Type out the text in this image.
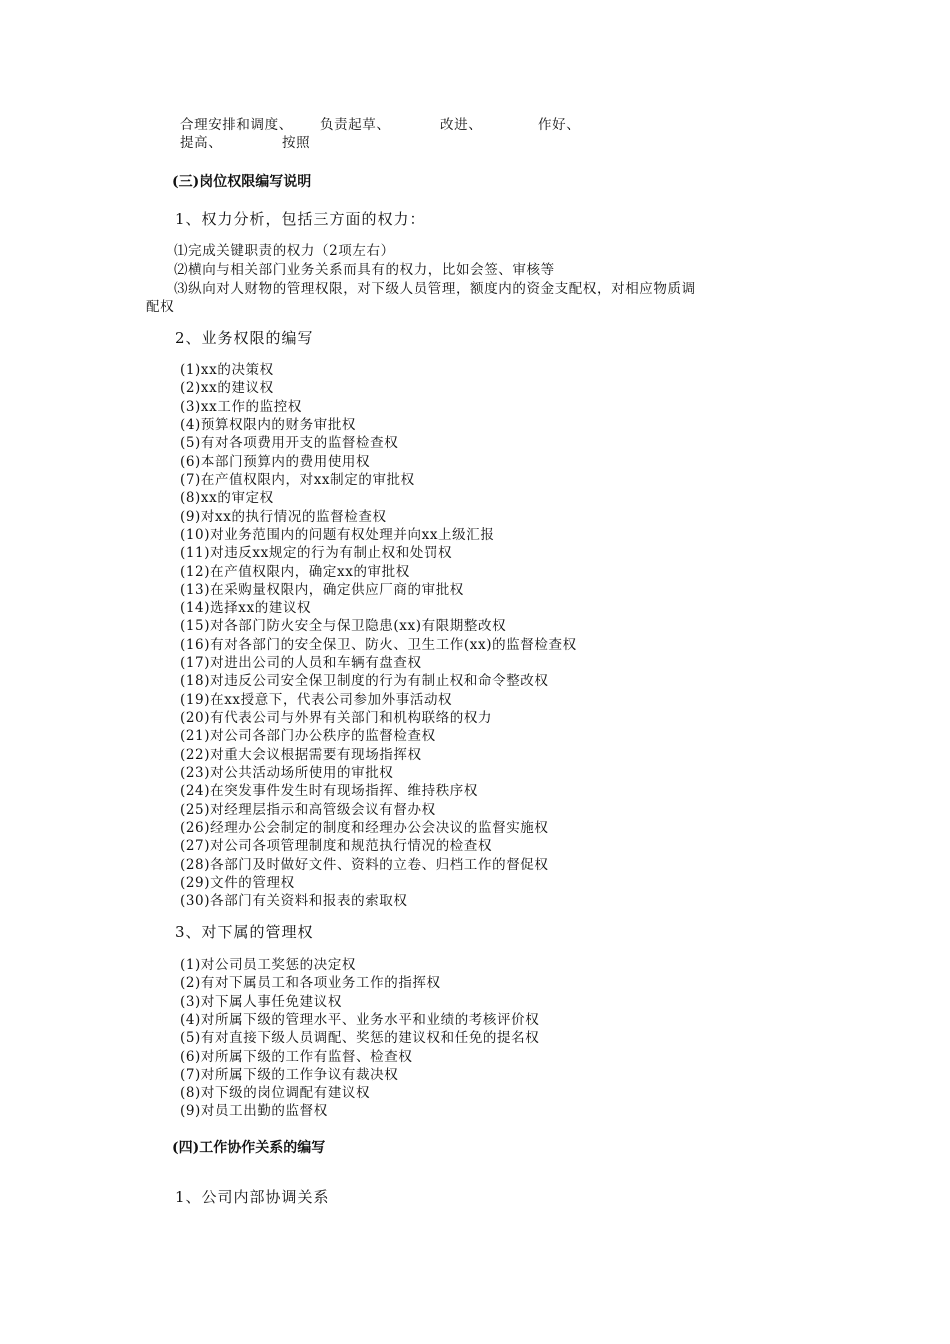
合理安排和调度、 负责起草、	改进、	作好、
提高、	按照
(三)岗位权限编写说明
1、权力分析，包括三方面的权力：
⑴完成关键职责的权力（2项左右）
⑵横向与相关部门业务关系而具有的权力，比如会签、审核等
⑶纵向对人财物的管理权限，对下级人员管理，额度内的资金支配权，对相应物质调
配权
2、业务权限的编写
(1)xx的决策权
(2)xx的建议权
(3)xx工作的监控权
(4)预算权限内的财务审批权
(5)有对各项费用开支的监督检查权
(6)本部门预算内的费用使用权
(7)在产值权限内，对xx制定的审批权
(8)xx的审定权
(9)对xx的执行情况的监督检查权
(10)对业务范围内的问题有权处理并向xx上级汇报
(11)对违反xx规定的行为有制止权和处罚权
(12)在产值权限内，确定xx的审批权
(13)在采购量权限内，确定供应厂商的审批权
(14)选择xx的建议权
(15)对各部门防火安全与保卫隐患(xx)有限期整改权
(16)有对各部门的安全保卫、防火、卫生工作(xx)的监督检查权
(17)对进出公司的人员和车辆有盘查权
(18)对违反公司安全保卫制度的行为有制止权和命令整改权
(19)在xx授意下，代表公司参加外事活动权
(20)有代表公司与外界有关部门和机构联络的权力
(21)对公司各部门办公秩序的监督检查权
(22)对重大会议根据需要有现场指挥权
(23)对公共活动场所使用的审批权
(24)在突发事件发生时有现场指挥、维持秩序权
(25)对经理层指示和高管级会议有督办权
(26)经理办公会制定的制度和经理办公会决议的监督实施权
(27)对公司各项管理制度和规范执行情况的检查权
(28)各部门及时做好文件、资料的立卷、归档工作的督促权
(29)文件的管理权
(30)各部门有关资料和报表的索取权
3、对下属的管理权
(1)对公司员工奖惩的决定权
(2)有对下属员工和各项业务工作的指挥权
(3)对下属人事任免建议权
(4)对所属下级的管理水平、业务水平和业绩的考核评价权
(5)有对直接下级人员调配、奖惩的建议权和任免的提名权
(6)对所属下级的工作有监督、检查权
(7)对所属下级的工作争议有裁决权
(8)对下级的岗位调配有建议权
(9)对员工出勤的监督权
(四)工作协作关系的编写
1、公司内部协调关系
